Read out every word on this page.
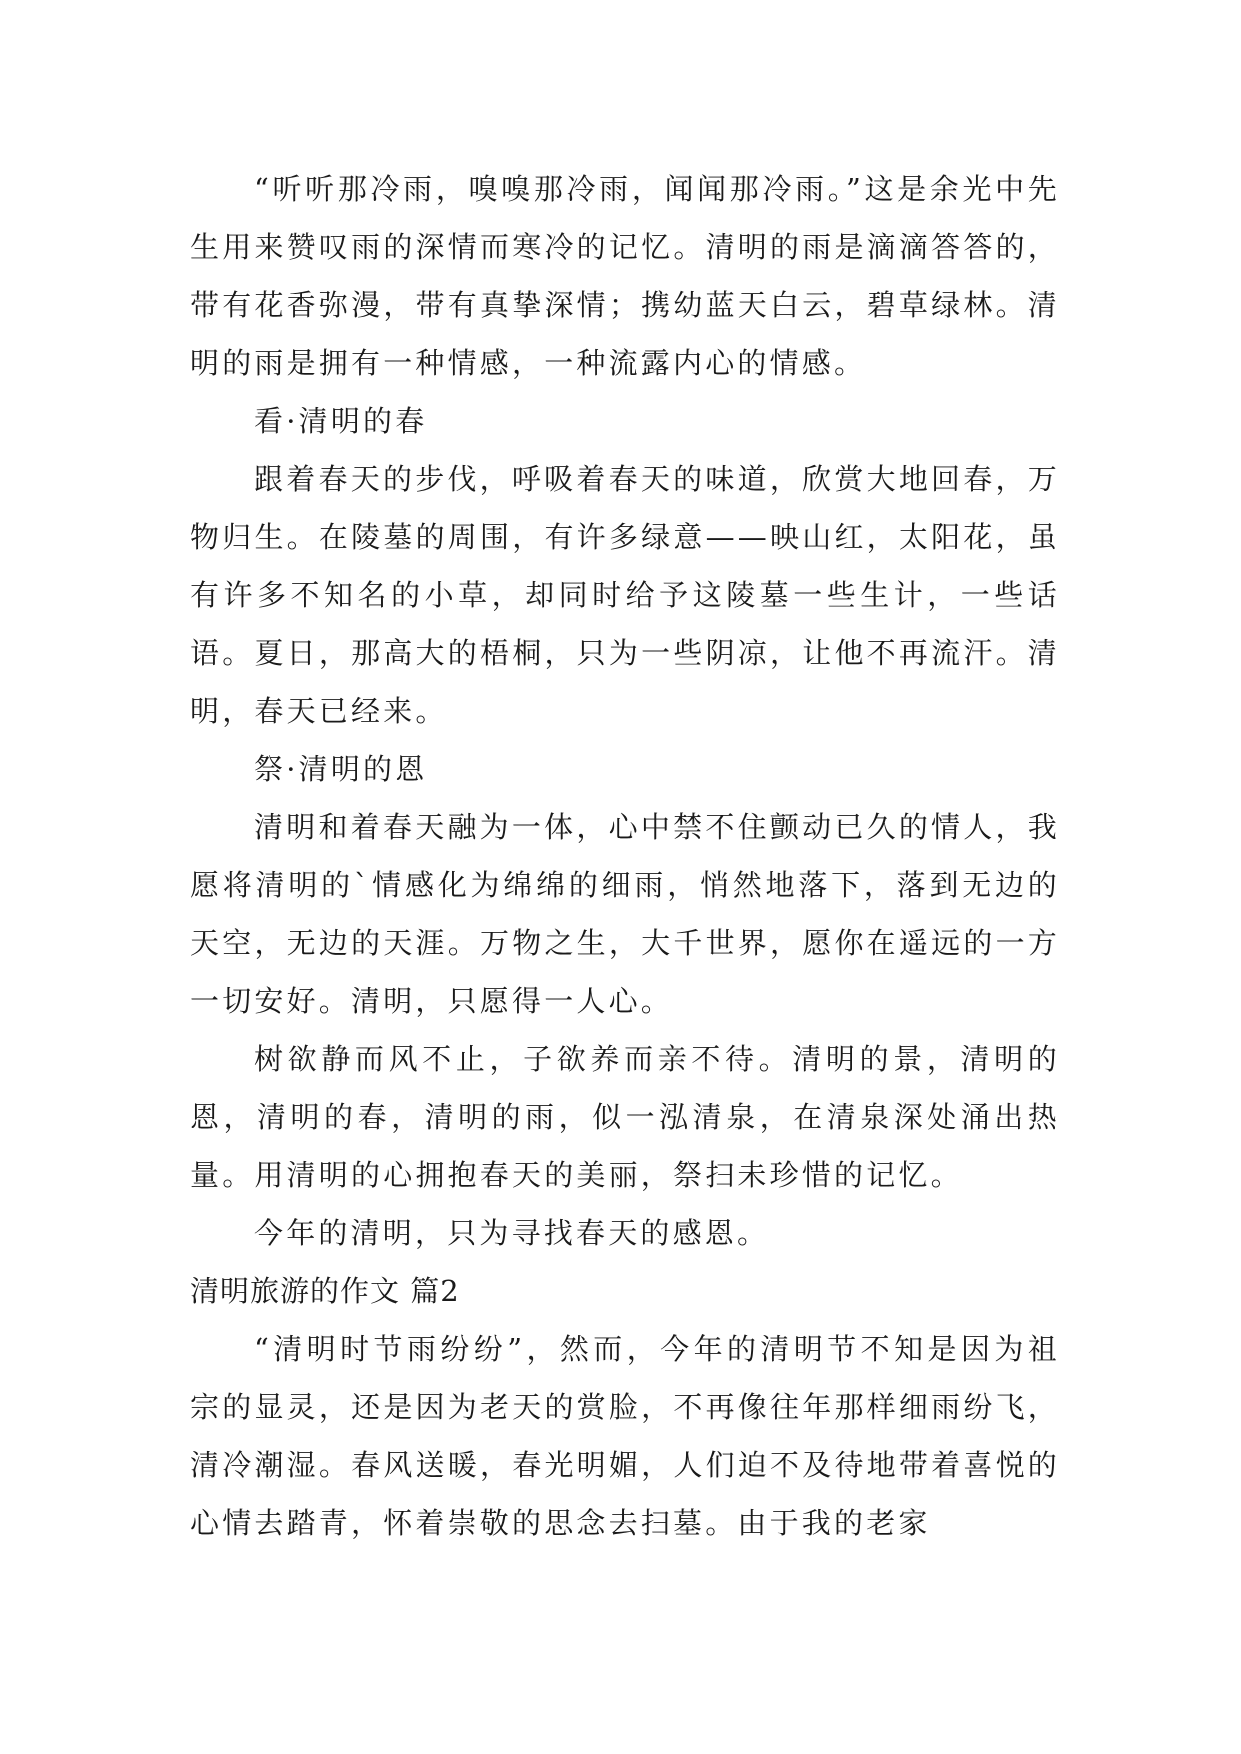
“听听那冷雨，嗅嗅那冷雨，闻闻那冷雨。”这是余光中先生用来赞叹雨的深情而寒冷的记忆。清明的雨是滴滴答答的，带有花香弥漫，带有真挚深情；携幼蓝天白云，碧草绿林。清明的雨是拥有一种情感，一种流露内心的情感。

看·清明的春

跟着春天的步伐，呼吸着春天的味道，欣赏大地回春，万物归生。在陵墓的周围，有许多绿意——映山红，太阳花，虽有许多不知名的小草，却同时给予这陵墓一些生计，一些话语。夏日，那高大的梧桐，只为一些阴凉，让他不再流汗。清明，春天已经来。

祭·清明的恩

清明和着春天融为一体，心中禁不住颤动已久的情人，我愿将清明的`情感化为绵绵的细雨，悄然地落下，落到无边的天空，无边的天涯。万物之生，大千世界，愿你在遥远的一方一切安好。清明，只愿得一人心。

树欲静而风不止，子欲养而亲不待。清明的景，清明的恩，清明的春，清明的雨，似一泓清泉，在清泉深处涌出热量。用清明的心拥抱春天的美丽，祭扫未珍惜的记忆。

今年的清明，只为寻找春天的感恩。

清明旅游的作文 篇2

“清明时节雨纷纷”，然而，今年的清明节不知是因为祖宗的显灵，还是因为老天的赏脸，不再像往年那样细雨纷飞，清冷潮湿。春风送暖，春光明媚，人们迫不及待地带着喜悦的心情去踏青，怀着崇敬的思念去扫墓。由于我的老家
